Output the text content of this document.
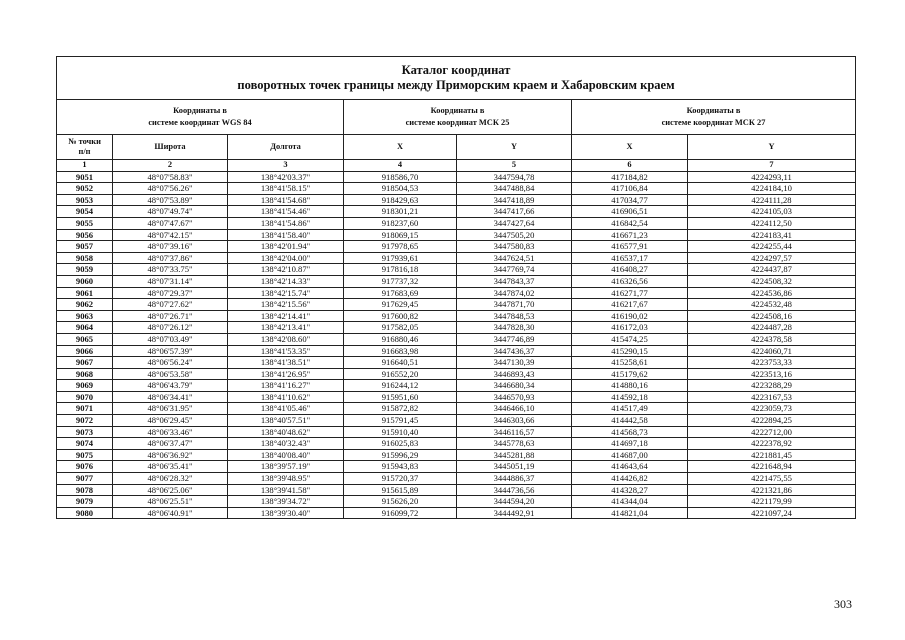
Каталог координат
поворотных точек границы между Приморским краем и Хабаровским краем						

Координаты в
системе координат WGS 84			Координаты в
системе координат МСК 25		Координаты в
системе координат МСК 27	
№ точки
п/п	Широта	Долгота	X	Y	X	Y
1	2	3	4	5	6	7
9051	48°07'58.83"	138°42'03.37"	918586,70	3447594,78	417184,82	4224293,11
9052	48°07'56.26"	138°41'58.15"	918504,53	3447488,84	417106,84	4224184,10
9053	48°07'53.89"	138°41'54.68"	918429,63	3447418,89	417034,77	4224111,28
9054	48°07'49.74"	138°41'54.46"	918301,21	3447417,66	416906,51	4224105,03
9055	48°07'47.67"	138°41'54.86"	918237,60	3447427,64	416842,54	4224112,50
9056	48°07'42.15"	138°41'58.40"	918069,15	3447505,20	416671,23	4224183,41
9057	48°07'39.16"	138°42'01.94"	917978,65	3447580,83	416577,91	4224255,44
9058	48°07'37.86"	138°42'04.00"	917939,61	3447624,51	416537,17	4224297,57
9059	48°07'33.75"	138°42'10.87"	917816,18	3447769,74	416408,27	4224437,87
9060	48°07'31.14"	138°42'14.33"	917737,32	3447843,37	416326,56	4224508,32
9061	48°07'29.37"	138°42'15.74"	917683,69	3447874,02	416271,77	4224536,86
9062	48°07'27.62"	138°42'15.56"	917629,45	3447871,70	416217,67	4224532,48
9063	48°07'26.71"	138°42'14.41"	917600,82	3447848,53	416190,02	4224508,16
9064	48°07'26.12"	138°42'13.41"	917582,05	3447828,30	416172,03	4224487,28
9065	48°07'03.49"	138°42'08.60"	916880,46	3447746,89	415474,25	4224378,58
9066	48°06'57.39"	138°41'53.35"	916683,98	3447436,37	415290,15	4224060,71
9067	48°06'56.24"	138°41'38.51"	916640,51	3447130,39	415258,61	4223753,33
9068	48°06'53.58"	138°41'26.95"	916552,20	3446893,43	415179,62	4223513,16
9069	48°06'43.79"	138°41'16.27"	916244,12	3446680,34	414880,16	4223288,29
9070	48°06'34.41"	138°41'10.62"	915951,60	3446570,93	414592,18	4223167,53
9071	48°06'31.95"	138°41'05.46"	915872,82	3446466,10	414517,49	4223059,73
9072	48°06'29.45"	138°40'57.51"	915791,45	3446303,66	414442,58	4222894,25
9073	48°06'33.46"	138°40'48.62"	915910,40	3446116,57	414568,73	4222712,00
9074	48°06'37.47"	138°40'32.43"	916025,83	3445778,63	414697,18	4222378,92
9075	48°06'36.92"	138°40'08.40"	915996,29	3445281,88	414687,00	4221881,45
9076	48°06'35.41"	138°39'57.19"	915943,83	3445051,19	414643,64	4221648,94
9077	48°06'28.32"	138°39'48.95"	915720,37	3444886,37	414426,82	4221475,55
9078	48°06'25.06"	138°39'41.58"	915615,89	3444736,56	414328,27	4221321,86
9079	48°06'25.51"	138°39'34.72"	915626,20	3444594,20	414344,04	4221179,99
9080	48°06'40.91"	138°39'30.40"	916099,72	3444492,91	414821,04	4221097,24
303
